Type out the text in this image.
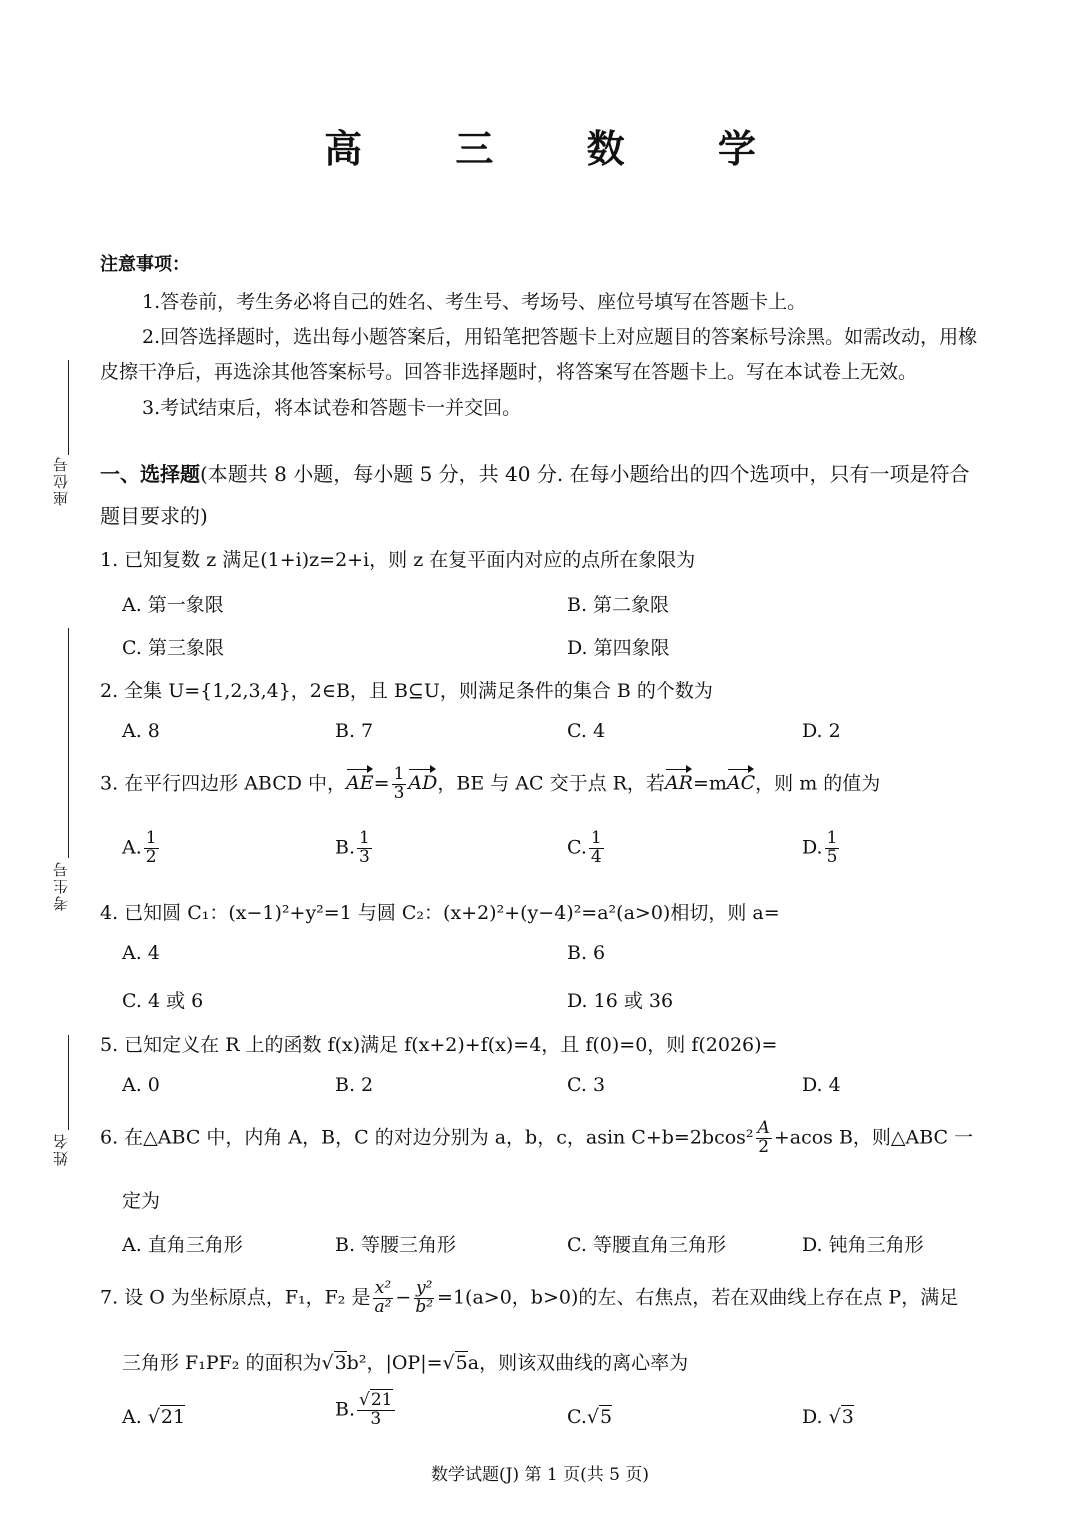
高 三 数 学
注意事项：
1.答卷前，考生务必将自己的姓名、考生号、考场号、座位号填写在答题卡上。
2.回答选择题时，选出每小题答案后，用铅笔把答题卡上对应题目的答案标号涂黑。如需改动，用橡
皮擦干净后，再选涂其他答案标号。回答非选择题时，将答案写在答题卡上。写在本试卷上无效。
3.考试结束后，将本试卷和答题卡一并交回。
座位号
考生号
姓名
一、选择题(本题共 8 小题，每小题 5 分，共 40 分. 在每小题给出的四个选项中，只有一项是符合
题目要求的)
1. 已知复数 z 满足(1+i)z=2+i，则 z 在复平面内对应的点所在象限为
A. 第一象限	B. 第二象限
C. 第三象限	D. 第四象限
2. 全集 U={1,2,3,4}，2∈B，且 B⊆U，则满足条件的集合 B 的个数为
A. 8	B. 7	C. 4	D. 2
3. 在平行四边形 ABCD 中，$AE= \frac{1}{3}$ AD，BE 与 AC 交于点 R，若AR=mAC，则 m 的值为
A. $\frac{1}{2}$	B. $\frac{1}{3}$	C. $\frac{1}{4}$	D. $\frac{1}{5}$
4. 已知圆 C₁：(x−1)²+y²=1 与圆 C₂：(x+2)²+(y−4)²=a²(a>0)相切，则 a=
A. 4	B. 6
C. 4 或 6	D. 16 或 36
5. 已知定义在 R 上的函数 f(x)满足 f(x+2)+f(x)=4，且 f(0)=0，则 f(2026)=
A. 0	B. 2	C. 3	D. 4
6. 在△ABC 中，内角 A，B，C 的对边分别为 a，b，c，asin $C+b=2bcos^2 \frac{A}{2} +acos$ B，则△ABC 一
定为
A. 直角三角形	B. 等腰三角形	C. 等腰直角三角形	D. 钝角三角形
7. 设 O 为坐标原点，F₁，F₂ 是 $\frac{\text{x²}}{\text{a²}} - \frac{\text{y²}}{\text{b²}} =1(a>0$，b>0)的左、右焦点，若在双曲线上存在点 P，满足
三角形 F₁PF₂ 的面积为√3b²，|OP|=√5a，则该双曲线的离心率为
A. √21	B. $\frac{√21}{3}$	C.√5	D. √3
数学试题(J) 第 1 页(共 5 页)
